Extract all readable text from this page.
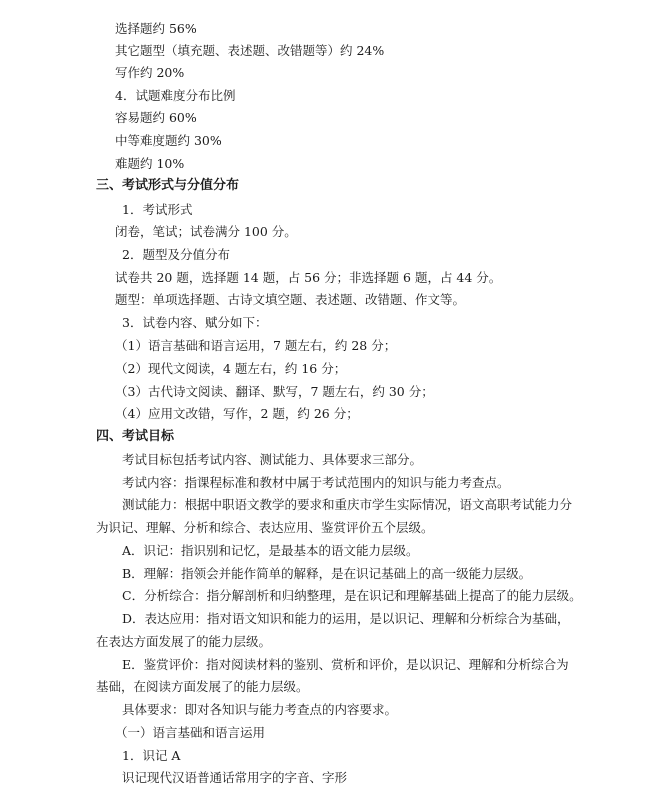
选择题约 56%
其它题型（填充题、表述题、改错题等）约 24%
写作约 20%
4．试题难度分布比例
容易题约 60%
中等难度题约 30%
难题约 10%
三、考试形式与分值分布
1．考试形式
闭卷，笔试；试卷满分 100 分。
2．题型及分值分布
试卷共 20 题，选择题 14 题，占 56 分；非选择题 6 题，占 44 分。
题型：单项选择题、古诗文填空题、表述题、改错题、作文等。
3．试卷内容、赋分如下：
（1）语言基础和语言运用，7 题左右，约 28 分；
（2）现代文阅读，4 题左右，约 16 分；
（3）古代诗文阅读、翻译、默写，7 题左右，约 30 分；
（4）应用文改错，写作，2 题，约 26 分；
四、考试目标
考试目标包括考试内容、测试能力、具体要求三部分。
考试内容：指课程标准和教材中属于考试范围内的知识与能力考查点。
测试能力：根据中职语文教学的要求和重庆市学生实际情况，语文高职考试能力分
为识记、理解、分析和综合、表达应用、鉴赏评价五个层级。
A．识记：指识别和记忆，是最基本的语文能力层级。
B．理解：指领会并能作简单的解释，是在识记基础上的高一级能力层级。
C．分析综合：指分解剖析和归纳整理，是在识记和理解基础上提高了的能力层级。
D．表达应用：指对语文知识和能力的运用，是以识记、理解和分析综合为基础，
在表达方面发展了的能力层级。
E．鉴赏评价：指对阅读材料的鉴别、赏析和评价，是以识记、理解和分析综合为
基础，在阅读方面发展了的能力层级。
具体要求：即对各知识与能力考查点的内容要求。
（一）语言基础和语言运用
1．识记 A
识记现代汉语普通话常用字的字音、字形
